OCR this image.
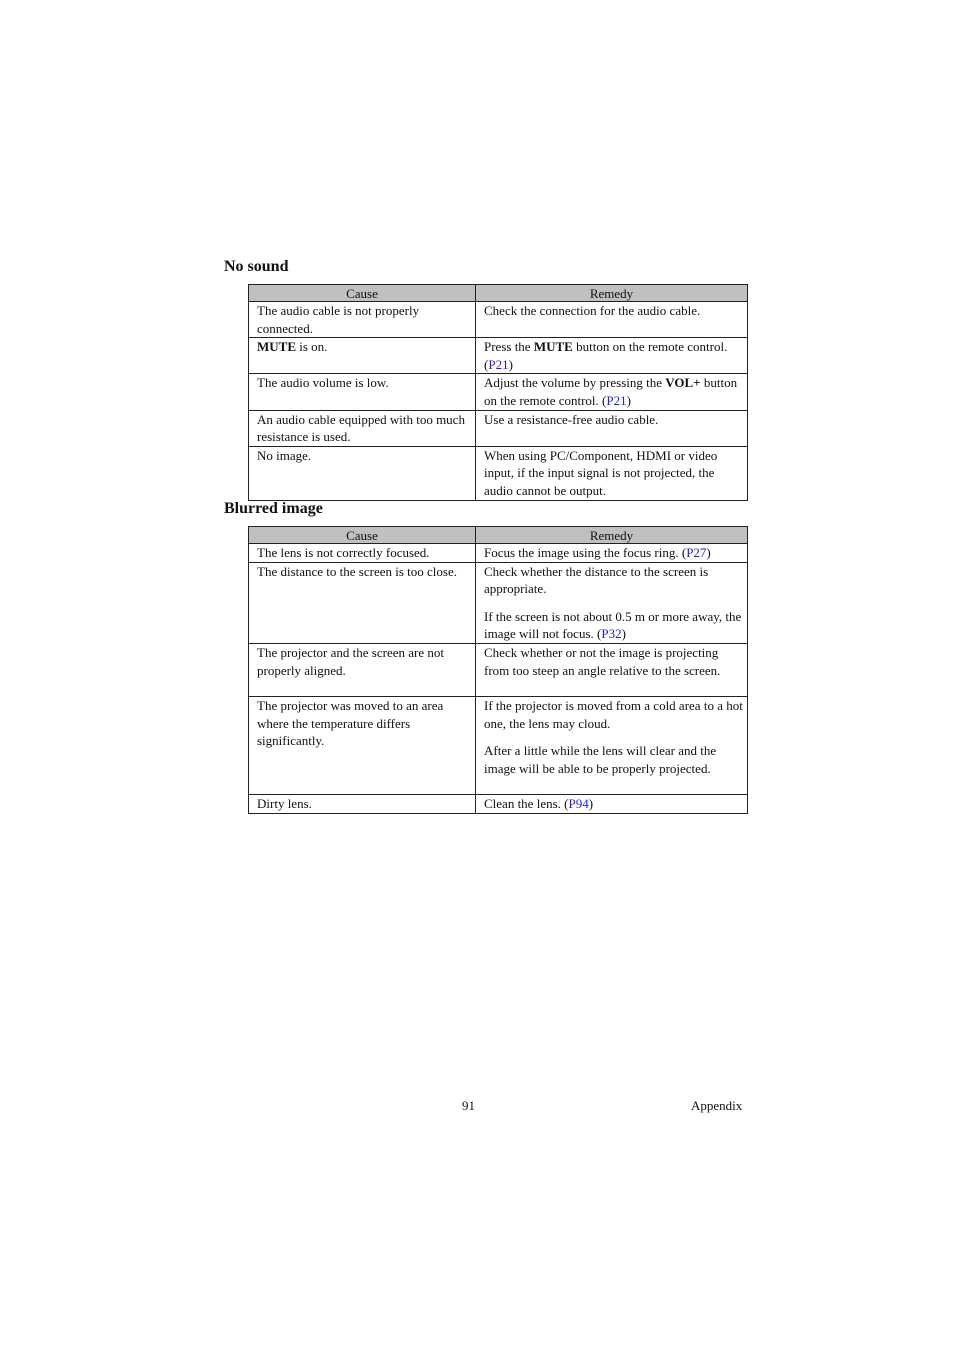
No sound
Cause	Remedy
The audio cable is not properly connected.	Check the connection for the audio cable.
MUTE is on.	Press the MUTE button on the remote control. (P21)
The audio volume is low.	Adjust the volume by pressing the VOL+ button on the remote control. (P21)
An audio cable equipped with too much resistance is used.	Use a resistance-free audio cable.
No image.	When using PC/Component, HDMI or video input, if the input signal is not projected, the audio cannot be output.
Blurred image
Cause	Remedy
The lens is not correctly focused.	Focus the image using the focus ring. (P27)
The distance to the screen is too close.	Check whether the distance to the screen is appropriate.

If the screen is not about 0.5 m or more away, the image will not focus. (P32)

The projector and the screen are not properly aligned.	Check whether or not the image is projecting from too steep an angle relative to the screen.
The projector was moved to an area where the temperature differs significantly.	If the projector is moved from a cold area to a hot one, the lens may cloud.

After a little while the lens will clear and the image will be able to be properly projected.

Dirty lens.	Clean the lens. (P94)
91	Appendix
